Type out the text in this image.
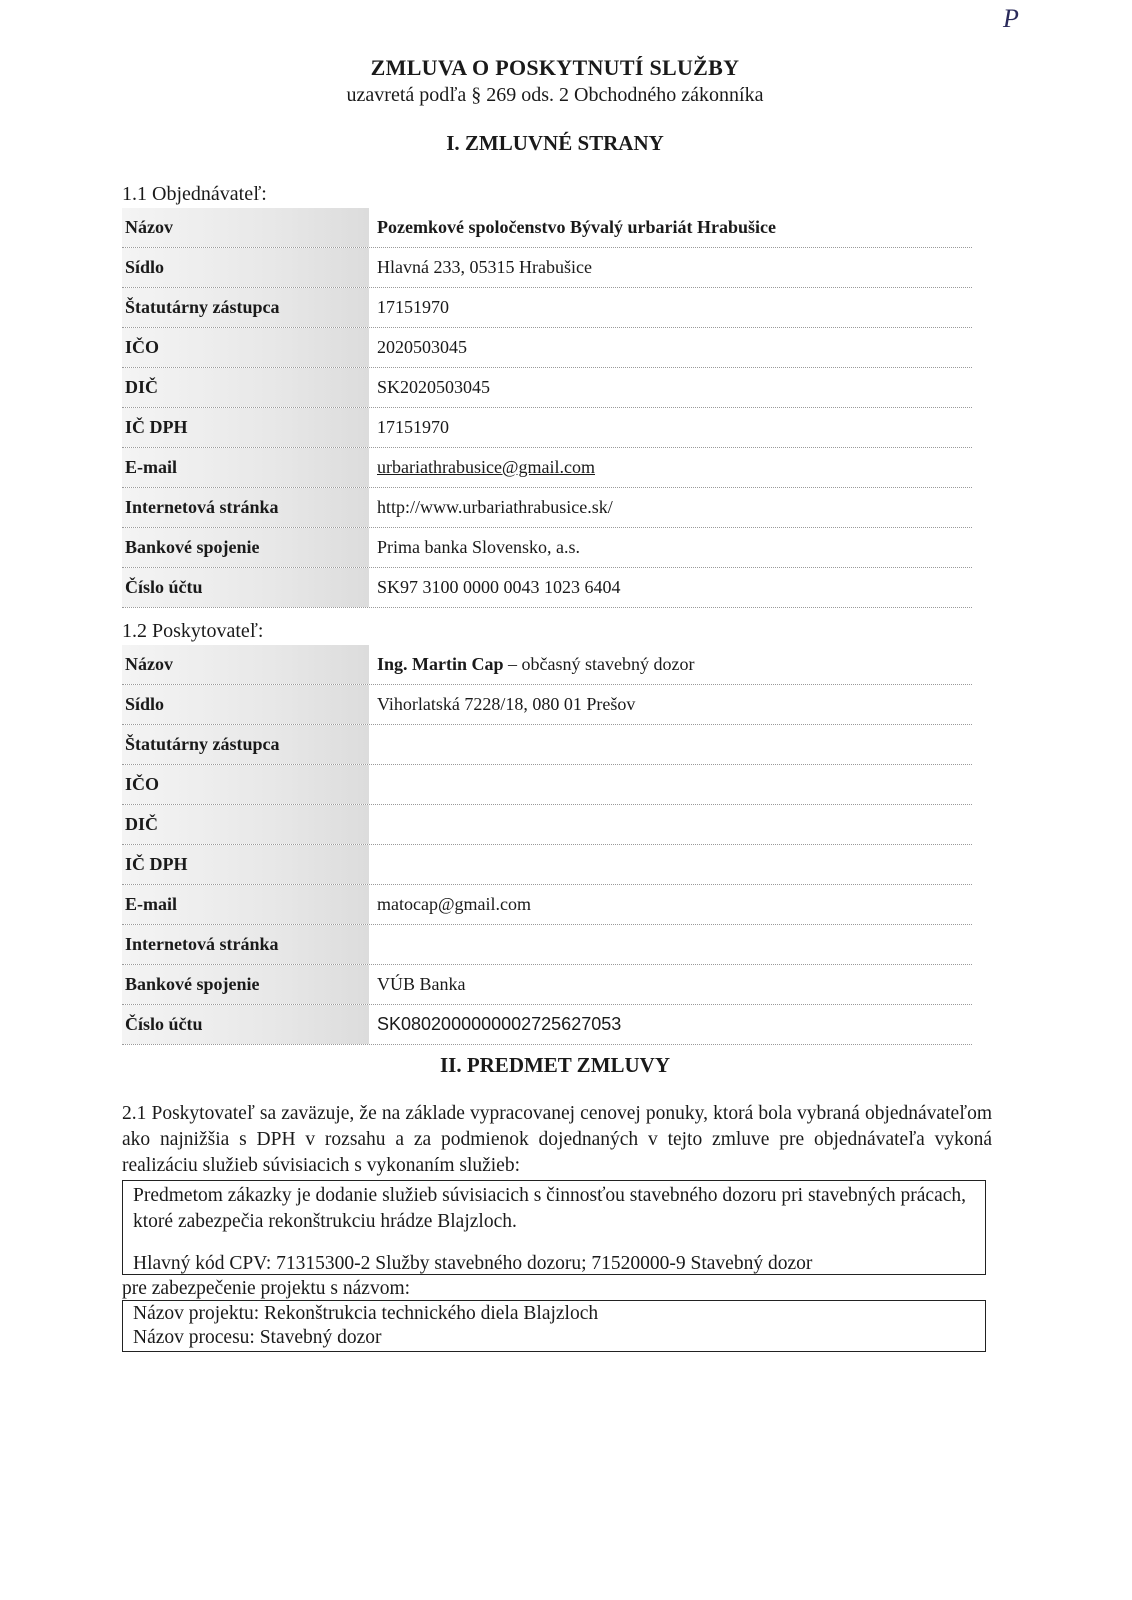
P
ZMLUVA O POSKYTNUTÍ SLUŽBY
uzavretá podľa § 269 ods. 2 Obchodného zákonníka
I. ZMLUVNÉ STRANY
1.1 Objednávateľ:
Názov	Pozemkové spoločenstvo Bývalý urbariát Hrabušice
Sídlo	Hlavná 233, 05315 Hrabušice
Štatutárny zástupca	17151970
IČO	2020503045
DIČ	SK2020503045
IČ DPH	17151970
E-mail	urbariathrabusice@gmail.com
Internetová stránka	http://www.urbariathrabusice.sk/
Bankové spojenie	Prima banka Slovensko, a.s.
Číslo účtu	SK97 3100 0000 0043 1023 6404
1.2 Poskytovateľ:
Názov	Ing. Martin Cap – občasný stavebný dozor
Sídlo	Vihorlatská 7228/18, 080 01 Prešov
Štatutárny zástupca
IČO
DIČ
IČ DPH
E-mail	matocap@gmail.com
Internetová stránka
Bankové spojenie	VÚB Banka
Číslo účtu	SK0802000000002725627053
II. PREDMET ZMLUVY
2.1 Poskytovateľ sa zaväzuje, že na základe vypracovanej cenovej ponuky, ktorá bola vybraná objednávateľom ako najnižšia s DPH v rozsahu a za podmienok dojednaných v tejto zmluve pre objednávateľa vykoná realizáciu služieb súvisiacich s vykonaním služieb:
Predmetom zákazky je dodanie služieb súvisiacich s činnosťou stavebného dozoru pri stavebných prácach, ktoré zabezpečia rekonštrukciu hrádze Blajzloch.
Hlavný kód CPV: 71315300-2 Služby stavebného dozoru; 71520000-9 Stavebný dozor
pre zabezpečenie projektu s názvom:
Názov projektu: Rekonštrukcia technického diela Blajzloch
Názov procesu: Stavebný dozor
